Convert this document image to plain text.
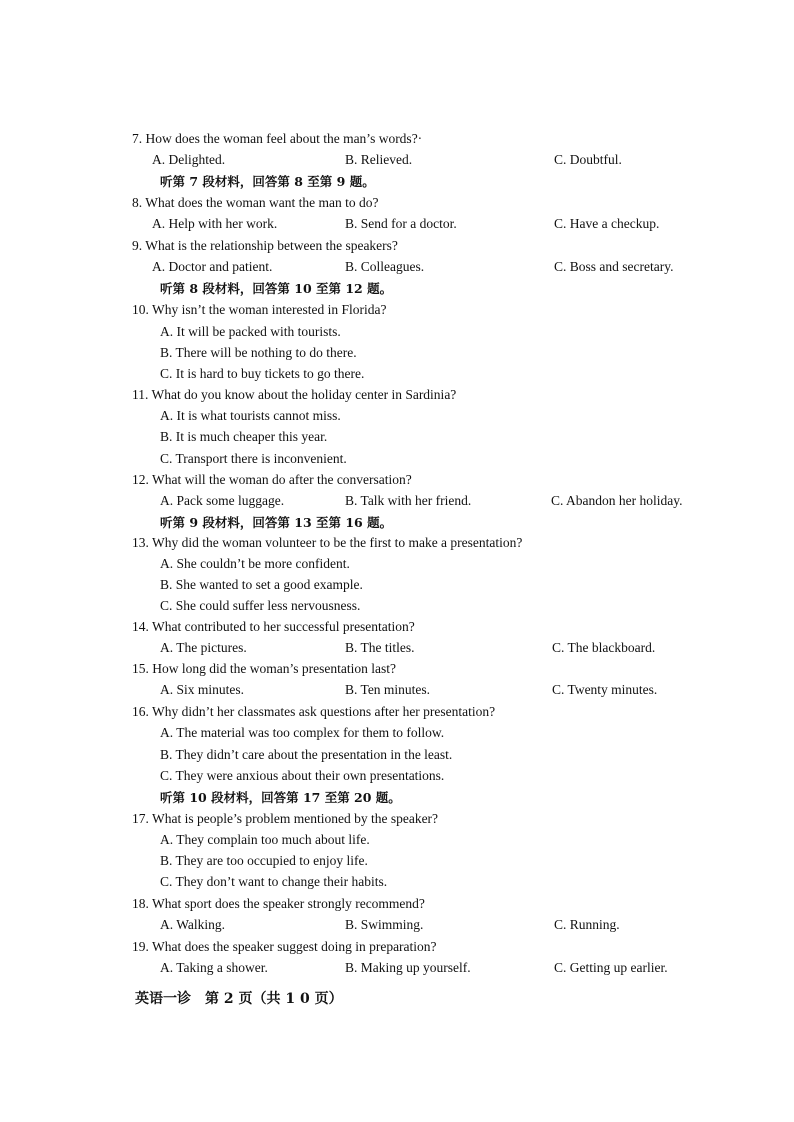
7. How does the woman feel about the man’s words?·
A. Delighted.	B. Relieved.	C. Doubtful.
听第 7 段材料，回答第 8 至第 9 题。
8. What does the woman want the man to do?
A. Help with her work.	B. Send for a doctor.	C. Have a checkup.
9. What is the relationship between the speakers?
A. Doctor and patient.	B. Colleagues.	C. Boss and secretary.
听第 8 段材料，回答第 10 至第 12 题。
10. Why isn’t the woman interested in Florida?
A. It will be packed with tourists.
B. There will be nothing to do there.
C. It is hard to buy tickets to go there.
11. What do you know about the holiday center in Sardinia?
A. It is what tourists cannot miss.
B. It is much cheaper this year.
C. Transport there is inconvenient.
12. What will the woman do after the conversation?
A. Pack some luggage.	B. Talk with her friend.	C. Abandon her holiday.
听第 9 段材料，回答第 13 至第 16 题。
13. Why did the woman volunteer to be the first to make a presentation?
A. She couldn’t be more confident.
B. She wanted to set a good example.
C. She could suffer less nervousness.
14. What contributed to her successful presentation?
A. The pictures.	B. The titles.	C. The blackboard.
15. How long did the woman’s presentation last?
A. Six minutes.	B. Ten minutes.	C. Twenty minutes.
16. Why didn’t her classmates ask questions after her presentation?
A. The material was too complex for them to follow.
B. They didn’t care about the presentation in the least.
C. They were anxious about their own presentations.
听第 10 段材料，回答第 17 至第 20 题。
17. What is people’s problem mentioned by the speaker?
A. They complain too much about life.
B. They are too occupied to enjoy life.
C. They don’t want to change their habits.
18. What sport does the speaker strongly recommend?
A. Walking.	B. Swimming.	C. Running.
19. What does the speaker suggest doing in preparation?
A. Taking a shower.	B. Making up yourself.	C. Getting up earlier.
英语一诊　第 2 页（共 1 0 页）
